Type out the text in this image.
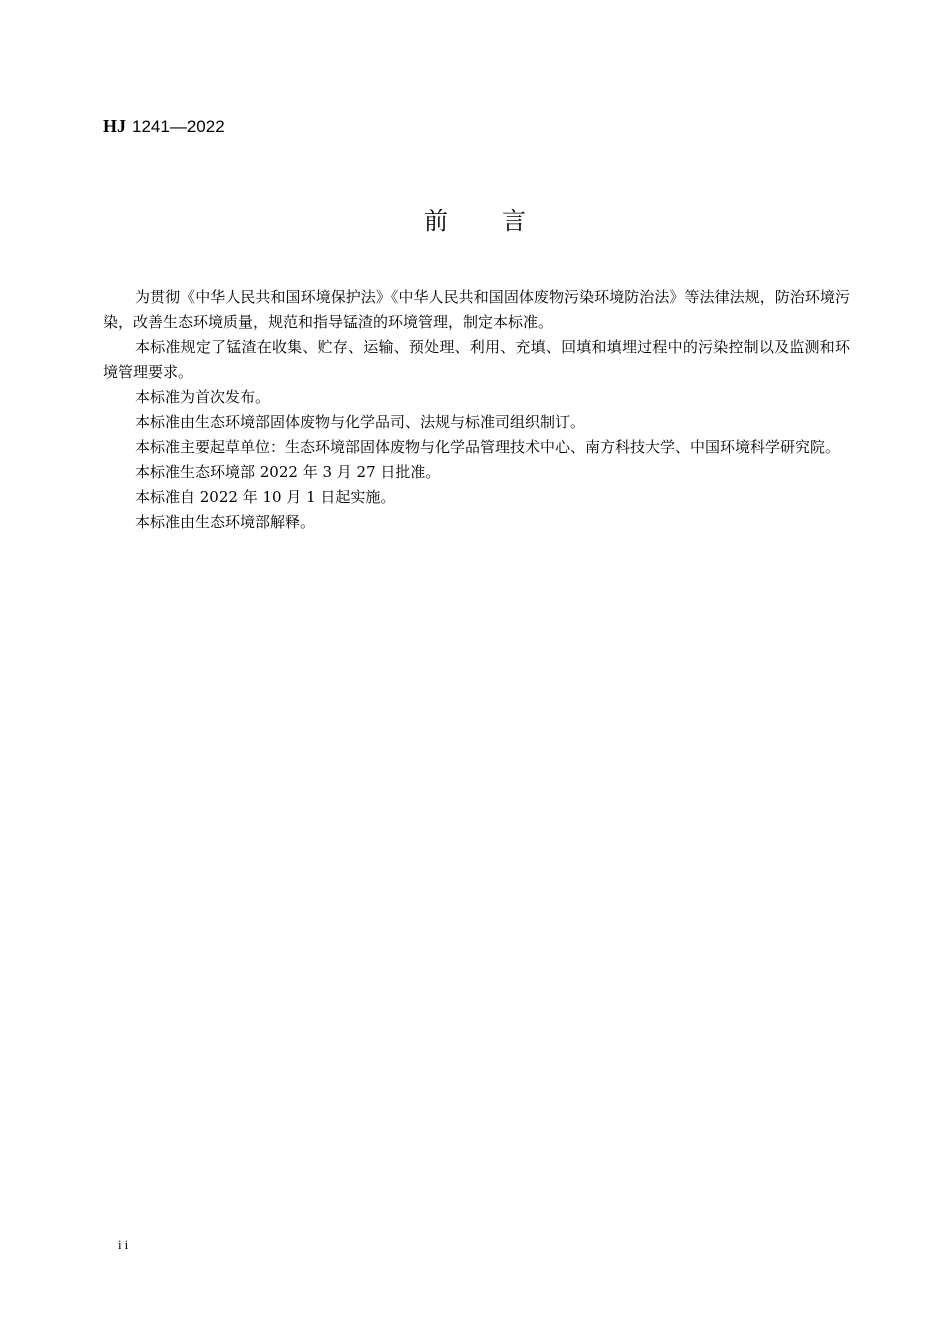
HJ 1241—2022
前 言

为贯彻《中华人民共和国环境保护法》《中华人民共和国固体废物污染环境防治法》等法律法规，防治环境污染，改善生态环境质量，规范和指导锰渣的环境管理，制定本标准。

本标准规定了锰渣在收集、贮存、运输、预处理、利用、充填、回填和填埋过程中的污染控制以及监测和环境管理要求。

本标准为首次发布。

本标准由生态环境部固体废物与化学品司、法规与标准司组织制订。

本标准主要起草单位：生态环境部固体废物与化学品管理技术中心、南方科技大学、中国环境科学研究院。

本标准生态环境部 2022 年 3 月 27 日批准。

本标准自 2022 年 10 月 1 日起实施。

本标准由生态环境部解释。

ii
